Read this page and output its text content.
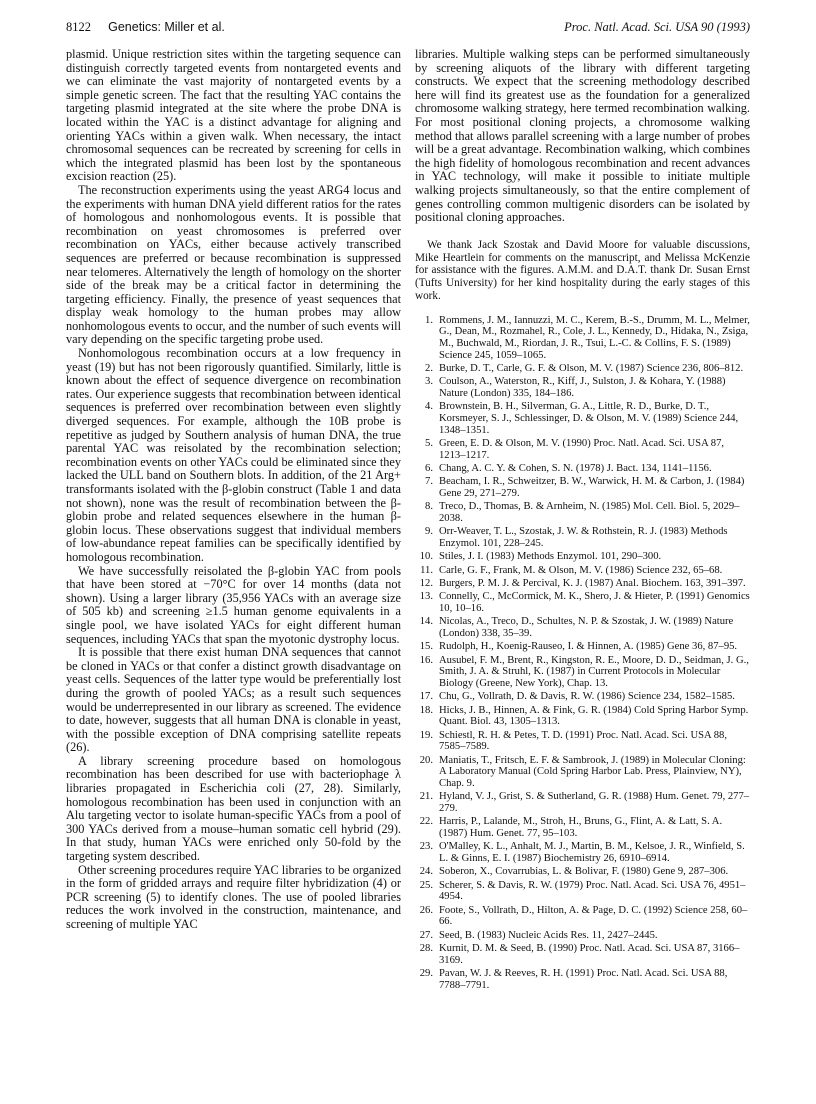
8122 Genetics: Miller et al.	Proc. Natl. Acad. Sci. USA 90 (1993)

plasmid. Unique restriction sites within the targeting sequence can distinguish correctly targeted events from nontargeted events and we can eliminate the vast majority of nontargeted events by a simple genetic screen. The fact that the resulting YAC contains the targeting plasmid integrated at the site where the probe DNA is located within the YAC is a distinct advantage for aligning and orienting YACs within a given walk. When necessary, the intact chromosomal sequences can be recreated by screening for cells in which the integrated plasmid has been lost by the spontaneous excision reaction (25).

The reconstruction experiments using the yeast ARG4 locus and the experiments with human DNA yield different ratios for the rates of homologous and nonhomologous events. It is possible that recombination on yeast chromosomes is preferred over recombination on YACs, either because actively transcribed sequences are preferred or because recombination is suppressed near telomeres. Alternatively the length of homology on the shorter side of the break may be a critical factor in determining the targeting efficiency. Finally, the presence of yeast sequences that display weak homology to the human probes may allow nonhomologous events to occur, and the number of such events will vary depending on the specific targeting probe used.

Nonhomologous recombination occurs at a low frequency in yeast (19) but has not been rigorously quantified. Similarly, little is known about the effect of sequence divergence on recombination rates. Our experience suggests that recombination between identical sequences is preferred over recombination between even slightly diverged sequences. For example, although the 10B probe is repetitive as judged by Southern analysis of human DNA, the true parental YAC was reisolated by the recombination selection; recombination events on other YACs could be eliminated since they lacked the ULL band on Southern blots. In addition, of the 21 Arg+ transformants isolated with the β-globin construct (Table 1 and data not shown), none was the result of recombination between the β-globin probe and related sequences elsewhere in the human β-globin locus. These observations suggest that individual members of low-abundance repeat families can be specifically identified by homologous recombination.

We have successfully reisolated the β-globin YAC from pools that have been stored at −70°C for over 14 months (data not shown). Using a larger library (35,956 YACs with an average size of 505 kb) and screening ≥1.5 human genome equivalents in a single pool, we have isolated YACs for eight different human sequences, including YACs that span the myotonic dystrophy locus.

It is possible that there exist human DNA sequences that cannot be cloned in YACs or that confer a distinct growth disadvantage on yeast cells. Sequences of the latter type would be preferentially lost during the growth of pooled YACs; as a result such sequences would be underrepresented in our library as screened. The evidence to date, however, suggests that all human DNA is clonable in yeast, with the possible exception of DNA comprising satellite repeats (26).

A library screening procedure based on homologous recombination has been described for use with bacteriophage λ libraries propagated in Escherichia coli (27, 28). Similarly, homologous recombination has been used in conjunction with an Alu targeting vector to isolate human-specific YACs from a pool of 300 YACs derived from a mouse–human somatic cell hybrid (29). In that study, human YACs were enriched only 50-fold by the targeting system described.

Other screening procedures require YAC libraries to be organized in the form of gridded arrays and require filter hybridization (4) or PCR screening (5) to identify clones. The use of pooled libraries reduces the work involved in the construction, maintenance, and screening of multiple YAC

libraries. Multiple walking steps can be performed simultaneously by screening aliquots of the library with different targeting constructs. We expect that the screening methodology described here will find its greatest use as the foundation for a generalized chromosome walking strategy, here termed recombination walking. For most positional cloning projects, a chromosome walking method that allows parallel screening with a large number of probes will be a great advantage. Recombination walking, which combines the high fidelity of homologous recombination and recent advances in YAC technology, will make it possible to initiate multiple walking projects simultaneously, so that the entire complement of genes controlling common multigenic disorders can be isolated by positional cloning approaches.

We thank Jack Szostak and David Moore for valuable discussions, Mike Heartlein for comments on the manuscript, and Melissa McKenzie for assistance with the figures. A.M.M. and D.A.T. thank Dr. Susan Ernst (Tufts University) for her kind hospitality during the early stages of this work.

1. Rommens, J. M., Iannuzzi, M. C., Kerem, B.-S., Drumm, M. L., Melmer, G., Dean, M., Rozmahel, R., Cole, J. L., Kennedy, D., Hidaka, N., Zsiga, M., Buchwald, M., Riordan, J. R., Tsui, L.-C. & Collins, F. S. (1989) Science 245, 1059–1065.
2. Burke, D. T., Carle, G. F. & Olson, M. V. (1987) Science 236, 806–812.
3. Coulson, A., Waterston, R., Kiff, J., Sulston, J. & Kohara, Y. (1988) Nature (London) 335, 184–186.
4. Brownstein, B. H., Silverman, G. A., Little, R. D., Burke, D. T., Korsmeyer, S. J., Schlessinger, D. & Olson, M. V. (1989) Science 244, 1348–1351.
5. Green, E. D. & Olson, M. V. (1990) Proc. Natl. Acad. Sci. USA 87, 1213–1217.
6. Chang, A. C. Y. & Cohen, S. N. (1978) J. Bact. 134, 1141–1156.
7. Beacham, I. R., Schweitzer, B. W., Warwick, H. M. & Carbon, J. (1984) Gene 29, 271–279.
8. Treco, D., Thomas, B. & Arnheim, N. (1985) Mol. Cell. Biol. 5, 2029–2038.
9. Orr-Weaver, T. L., Szostak, J. W. & Rothstein, R. J. (1983) Methods Enzymol. 101, 228–245.
10. Stiles, J. I. (1983) Methods Enzymol. 101, 290–300.
11. Carle, G. F., Frank, M. & Olson, M. V. (1986) Science 232, 65–68.
12. Burgers, P. M. J. & Percival, K. J. (1987) Anal. Biochem. 163, 391–397.
13. Connelly, C., McCormick, M. K., Shero, J. & Hieter, P. (1991) Genomics 10, 10–16.
14. Nicolas, A., Treco, D., Schultes, N. P. & Szostak, J. W. (1989) Nature (London) 338, 35–39.
15. Rudolph, H., Koenig-Rauseo, I. & Hinnen, A. (1985) Gene 36, 87–95.
16. Ausubel, F. M., Brent, R., Kingston, R. E., Moore, D. D., Seidman, J. G., Smith, J. A. & Struhl, K. (1987) in Current Protocols in Molecular Biology (Greene, New York), Chap. 13.
17. Chu, G., Vollrath, D. & Davis, R. W. (1986) Science 234, 1582–1585.
18. Hicks, J. B., Hinnen, A. & Fink, G. R. (1984) Cold Spring Harbor Symp. Quant. Biol. 43, 1305–1313.
19. Schiestl, R. H. & Petes, T. D. (1991) Proc. Natl. Acad. Sci. USA 88, 7585–7589.
20. Maniatis, T., Fritsch, E. F. & Sambrook, J. (1989) in Molecular Cloning: A Laboratory Manual (Cold Spring Harbor Lab. Press, Plainview, NY), Chap. 9.
21. Hyland, V. J., Grist, S. & Sutherland, G. R. (1988) Hum. Genet. 79, 277–279.
22. Harris, P., Lalande, M., Stroh, H., Bruns, G., Flint, A. & Latt, S. A. (1987) Hum. Genet. 77, 95–103.
23. O'Malley, K. L., Anhalt, M. J., Martin, B. M., Kelsoe, J. R., Winfield, S. L. & Ginns, E. I. (1987) Biochemistry 26, 6910–6914.
24. Soberon, X., Covarrubias, L. & Bolivar, F. (1980) Gene 9, 287–306.
25. Scherer, S. & Davis, R. W. (1979) Proc. Natl. Acad. Sci. USA 76, 4951–4954.
26. Foote, S., Vollrath, D., Hilton, A. & Page, D. C. (1992) Science 258, 60–66.
27. Seed, B. (1983) Nucleic Acids Res. 11, 2427–2445.
28. Kurnit, D. M. & Seed, B. (1990) Proc. Natl. Acad. Sci. USA 87, 3166–3169.
29. Pavan, W. J. & Reeves, R. H. (1991) Proc. Natl. Acad. Sci. USA 88, 7788–7791.
